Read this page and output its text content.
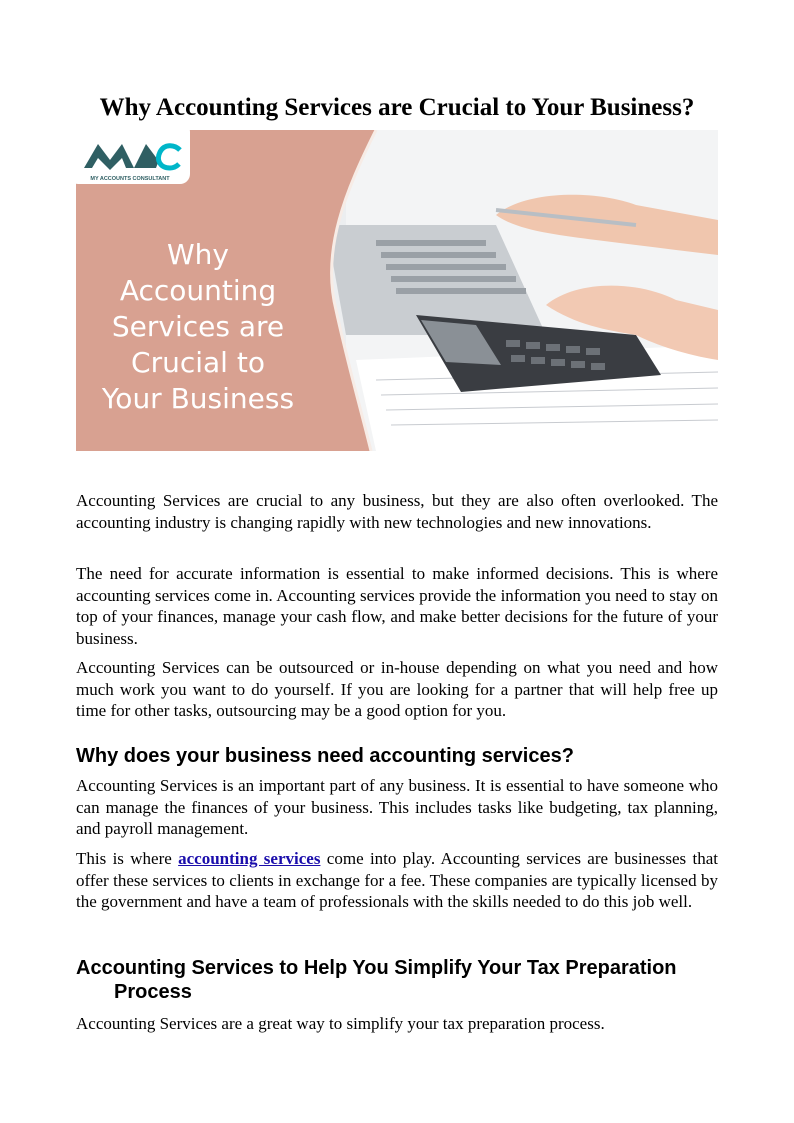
Why Accounting Services are Crucial to Your Business?
MY ACCOUNTS CONSULTANT
Why
Accounting
Services are
Crucial to
Your Business

Accounting Services are crucial to any business, but they are also often overlooked. The accounting industry is changing rapidly with new technologies and new innovations.

The need for accurate information is essential to make informed decisions. This is where accounting services come in. Accounting services provide the information you need to stay on top of your finances, manage your cash flow, and make better decisions for the future of your business.

Accounting Services can be outsourced or in-house depending on what you need and how much work you want to do yourself. If you are looking for a partner that will help free up time for other tasks, outsourcing may be a good option for you.

Why does your business need accounting services?

Accounting Services is an important part of any business. It is essential to have someone who can manage the finances of your business. This includes tasks like budgeting, tax planning, and payroll management.

This is where accounting services come into play. Accounting services are businesses that offer these services to clients in exchange for a fee. These companies are typically licensed by the government and have a team of professionals with the skills needed to do this job well.

Accounting Services to Help You Simplify Your Tax Preparation
Process

Accounting Services are a great way to simplify your tax preparation process.
